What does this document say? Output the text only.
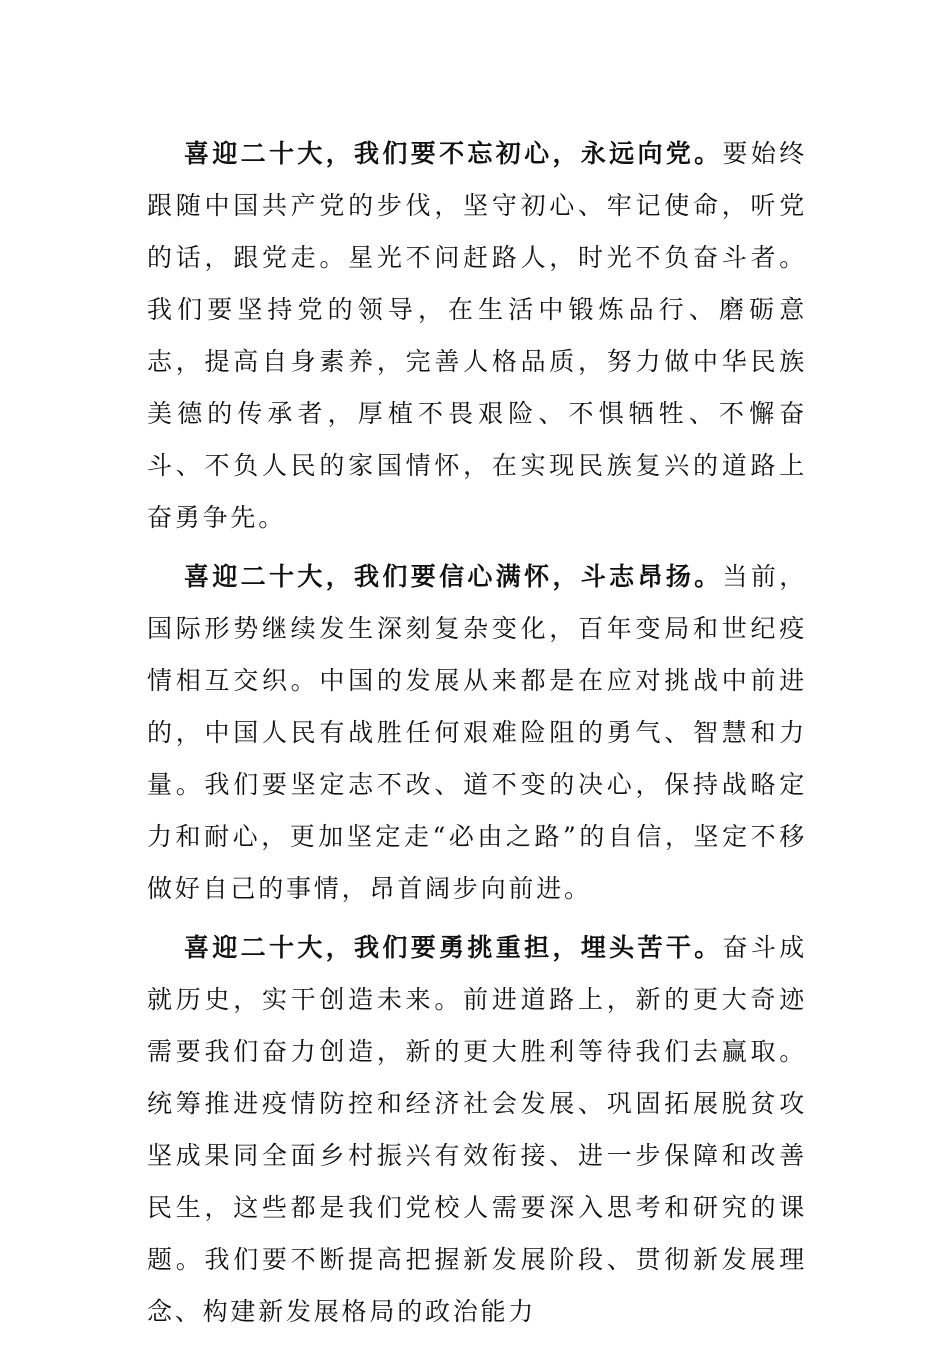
喜迎二十大，我们要不忘初心，永远向党。要始终跟随中国共产党的步伐，坚守初心、牢记使命，听党的话，跟党走。星光不问赶路人，时光不负奋斗者。我们要坚持党的领导，在生活中锻炼品行、磨砺意志，提高自身素养，完善人格品质，努力做中华民族美德的传承者，厚植不畏艰险、不惧牺牲、不懈奋斗、不负人民的家国情怀，在实现民族复兴的道路上奋勇争先。

喜迎二十大，我们要信心满怀，斗志昂扬。当前，国际形势继续发生深刻复杂变化，百年变局和世纪疫情相互交织。中国的发展从来都是在应对挑战中前进的，中国人民有战胜任何艰难险阻的勇气、智慧和力量。我们要坚定志不改、道不变的决心，保持战略定力和耐心，更加坚定走“必由之路”的自信，坚定不移做好自己的事情，昂首阔步向前进。

喜迎二十大，我们要勇挑重担，埋头苦干。奋斗成就历史，实干创造未来。前进道路上，新的更大奇迹需要我们奋力创造，新的更大胜利等待我们去赢取。统筹推进疫情防控和经济社会发展、巩固拓展脱贫攻坚成果同全面乡村振兴有效衔接、进一步保障和改善民生，这些都是我们党校人需要深入思考和研究的课题。我们要不断提高把握新发展阶段、贯彻新发展理念、构建新发展格局的政治能力
